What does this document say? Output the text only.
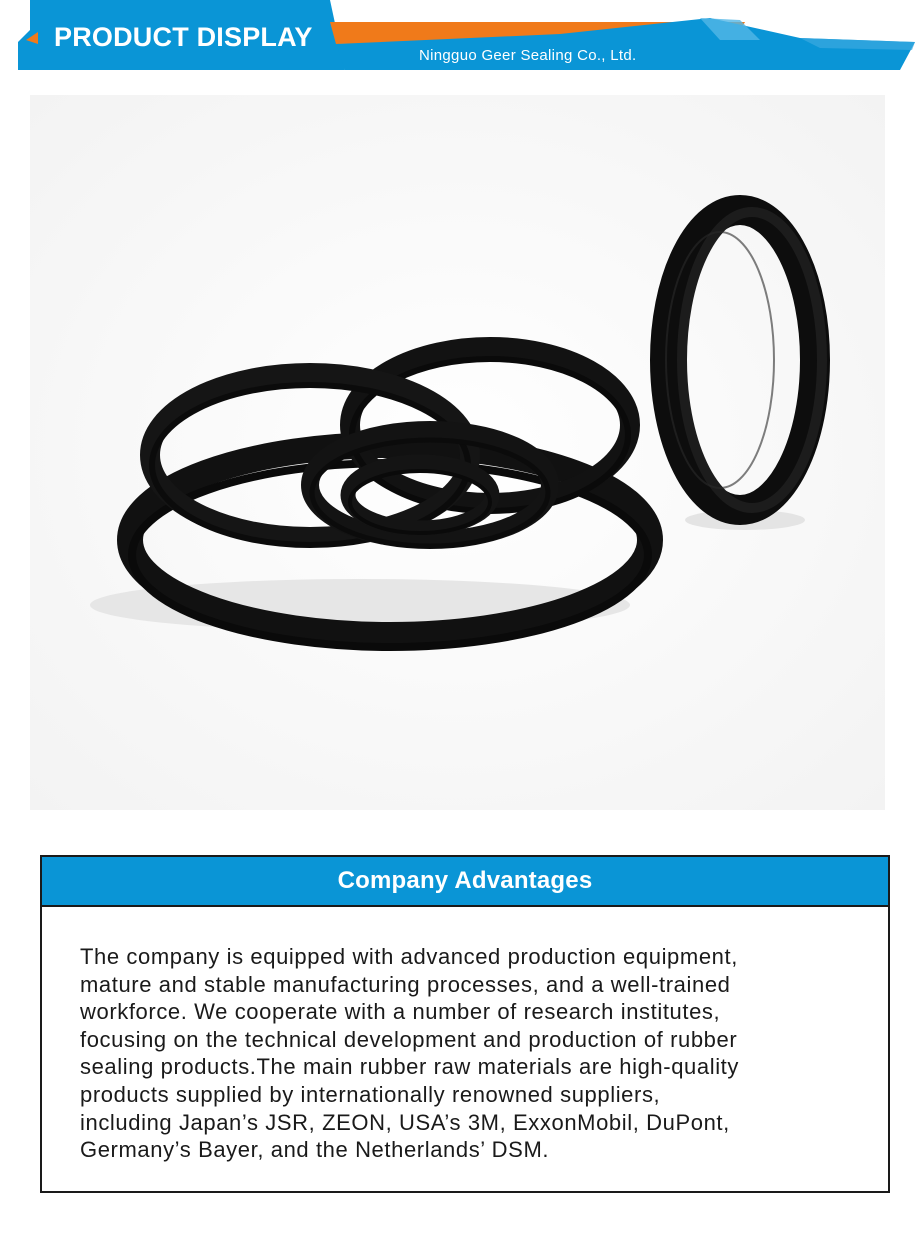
PRODUCT DISPLAY
Ningguo Geer Sealing Co., Ltd.
Company Advantages
The company is equipped with advanced production equipment,
mature and stable manufacturing processes, and a well-trained
workforce. We cooperate with a number of research institutes,
focusing on the technical development and production of rubber
sealing products.The main rubber raw materials are high-quality
products supplied by internationally renowned suppliers,
including Japan’s JSR, ZEON, USA’s 3M, ExxonMobil, DuPont,
Germany’s Bayer, and the Netherlands’ DSM.
